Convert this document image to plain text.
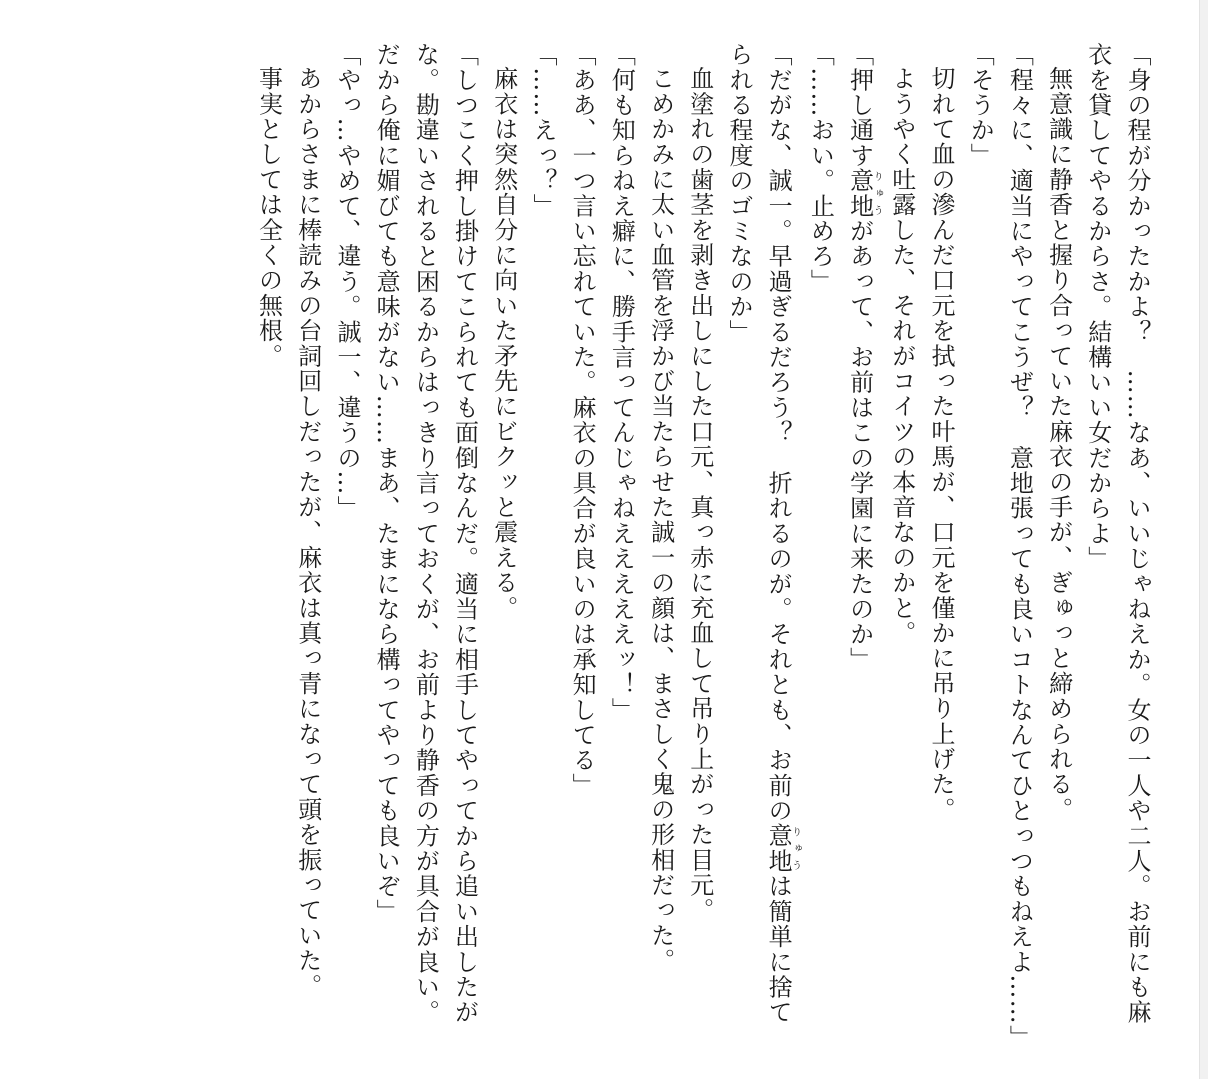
「身の程が分かったかよ？　……なあ、いいじゃねえか。女の一人や二人。お前にも麻衣を貸してやるからさ。結構いい女だからよ」

無意識に静香と握り合っていた麻衣の手が、ぎゅっと締められる。

「程々に、適当にやってこうぜ？　意地張っても良いコトなんてひとっつもねえよ……」

「そうか」

切れて血の滲んだ口元を拭った叶馬が、口元を僅かに吊り上げた。

ようやく吐露した、それがコイツの本音なのかと。

「押し通す意地りゅうがあって、お前はこの学園に来たのか」

「……おい。止めろ」

「だがな、誠一。早過ぎるだろう？　折れるのが。それとも、お前の意地りゅうは簡単に捨てられる程度のゴミなのか」

血塗れの歯茎を剥き出しにした口元、真っ赤に充血して吊り上がった目元。

こめかみに太い血管を浮かび当たらせた誠一の顔は、まさしく鬼の形相だった。

「何も知らねえ癖に、勝手言ってんじゃねえええええッ！」

「ああ、一つ言い忘れていた。麻衣の具合が良いのは承知してる」

「……えっ？」

麻衣は突然自分に向いた矛先にビクッと震える。

「しつこく押し掛けてこられても面倒なんだ。適当に相手してやってから追い出したがな。勘違いされると困るからはっきり言っておくが、お前より静香の方が具合が良い。だから俺に媚びても意味がない……まあ、たまになら構ってやっても良いぞ」

「やっ…やめて、違う。誠一、違うの…」

あからさまに棒読みの台詞回しだったが、麻衣は真っ青になって頭を振っていた。

事実としては全くの無根。
